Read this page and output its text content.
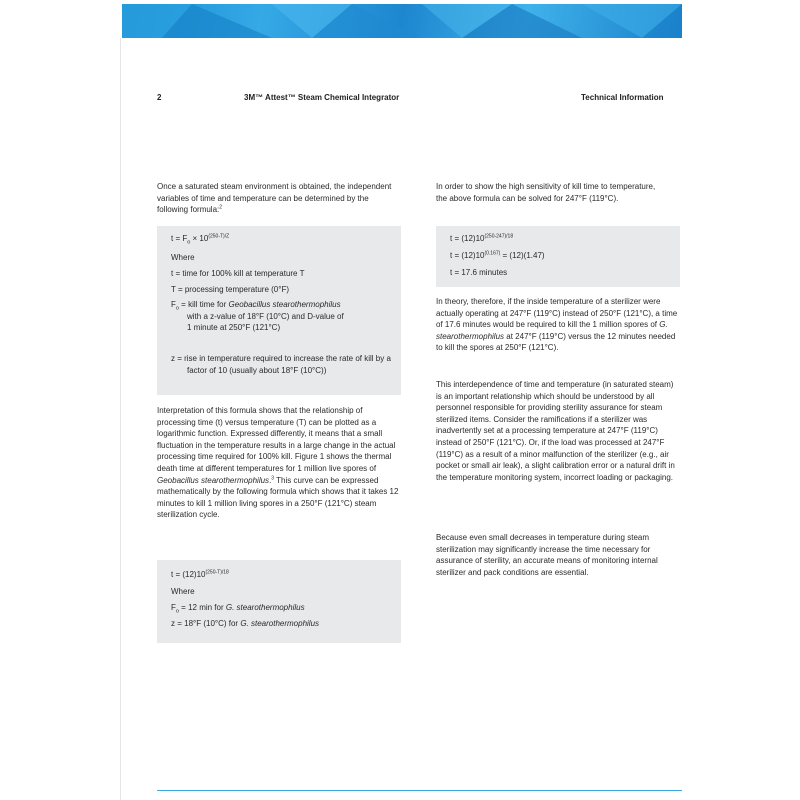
2	3M™ Attest™ Steam Chemical Integrator	Technical Information

Once a saturated steam environment is obtained, the independent variables of time and temperature can be determined by the following formula:$^2$

$t = F_o \times 10^{(250-T)/Z}$
Where
t = time for 100% kill at temperature T
T = processing temperature (0°F)
$F_o$ = kill time for Geobacillus stearothermophilus with a z-value of 18°F (10°C) and D-value of 1 minute at 250°F (121°C)
z = rise in temperature required to increase the rate of kill by a factor of 10 (usually about 18°F (10°C))

Interpretation of this formula shows that the relationship of processing time (t) versus temperature (T) can be plotted as a logarithmic function. Expressed differently, it means that a small fluctuation in the temperature results in a large change in the actual processing time required for 100% kill. Figure 1 shows the thermal death time at different temperatures for 1 million live spores of Geobacillus stearothermophilus.$^3$ This curve can be expressed mathematically by the following formula which shows that it takes 12 minutes to kill 1 million living spores in a 250°F (121°C) steam sterilization cycle.

$t = (12)10^{(250-T)/18}$
Where
$F_o = 12$ min for G. stearothermophilus
z = 18°F (10°C) for G. stearothermophilus
In order to show the high sensitivity of kill time to temperature, the above formula can be solved for 247°F (119°C).
$t = (12)10^{(250-247)/18}$
$t = (12)10^{(0.167)} = (12)(1.47)$
t = 17.6 minutes

In theory, therefore, if the inside temperature of a sterilizer were actually operating at 247°F (119°C) instead of 250°F (121°C), a time of 17.6 minutes would be required to kill the 1 million spores of G. stearothermophilus at 247°F (119°C) versus the 12 minutes needed to kill the spores at 250°F (121°C).

This interdependence of time and temperature (in saturated steam) is an important relationship which should be understood by all personnel responsible for providing sterility assurance for steam sterilized items. Consider the ramifications if a sterilizer was inadvertently set at a processing temperature at 247°F (119°C) instead of 250°F (121°C). Or, if the load was processed at 247°F (119°C) as a result of a minor malfunction of the sterilizer (e.g., air pocket or small air leak), a slight calibration error or a natural drift in the temperature monitoring system, incorrect loading or packaging.
Because even small decreases in temperature during steam sterilization may significantly increase the time necessary for assurance of sterility, an accurate means of monitoring internal sterilizer and pack conditions are essential.
